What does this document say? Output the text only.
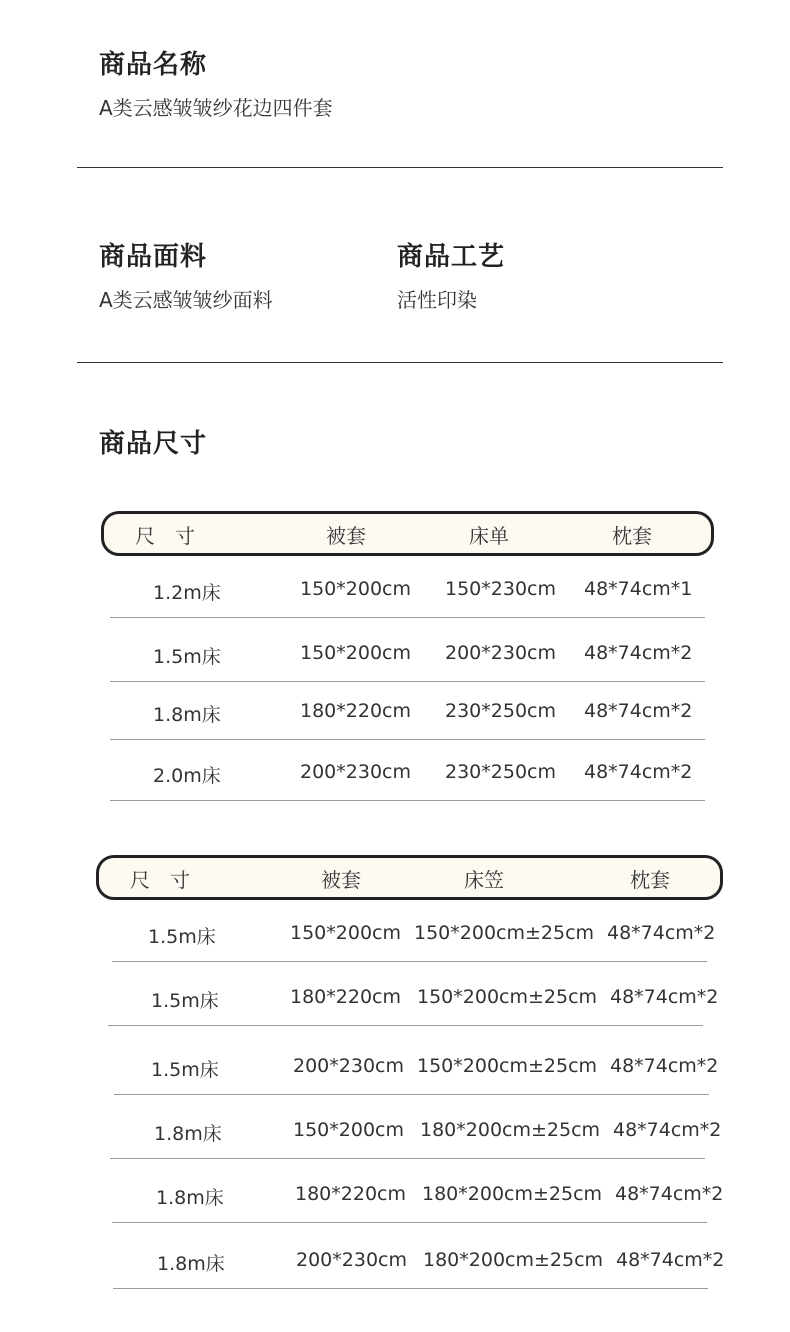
商品名称
A类云感皱皱纱花边四件套
商品面料
A类云感皱皱纱面料
商品工艺
活性印染
商品尺寸
尺　寸	被套	床单	枕套
1.2m床	150*200cm 150*230cm 48*74cm*1
1.5m床	150*200cm 200*230cm 48*74cm*2
1.8m床	180*220cm 230*250cm 48*74cm*2
2.0m床	200*230cm 230*250cm 48*74cm*2
尺　寸	被套	床笠	枕套
1.5m床	150*200cm 150*200cm±25cm 48*74cm*2
1.5m床	180*220cm 150*200cm±25cm 48*74cm*2
1.5m床	200*230cm 150*200cm±25cm 48*74cm*2
1.8m床	150*200cm 180*200cm±25cm 48*74cm*2
1.8m床	180*220cm 180*200cm±25cm 48*74cm*2
1.8m床	200*230cm 180*200cm±25cm 48*74cm*2
